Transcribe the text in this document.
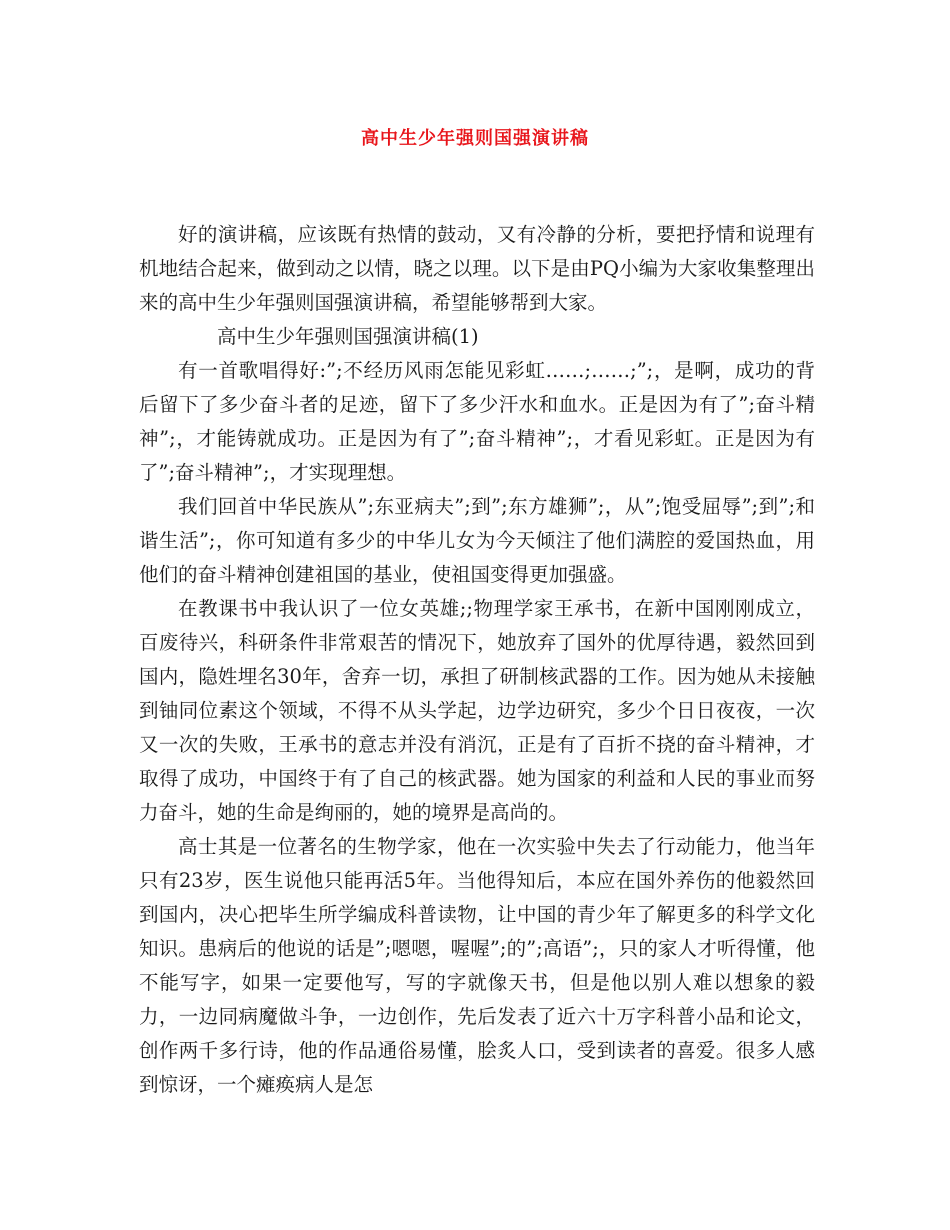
高中生少年强则国强演讲稿

好的演讲稿，应该既有热情的鼓动，又有冷静的分析，要把抒情和说理有机地结合起来，做到动之以情，晓之以理。以下是由PQ小编为大家收集整理出来的高中生少年强则国强演讲稿，希望能够帮到大家。

高中生少年强则国强演讲稿(1)

有一首歌唱得好:”;不经历风雨怎能见彩虹……;……;”;，是啊，成功的背后留下了多少奋斗者的足迹，留下了多少汗水和血水。正是因为有了”;奋斗精神”;，才能铸就成功。正是因为有了”;奋斗精神”;，才看见彩虹。正是因为有了”;奋斗精神”;，才实现理想。

我们回首中华民族从”;东亚病夫”;到”;东方雄狮”;，从”;饱受屈辱”;到”;和谐生活”;，你可知道有多少的中华儿女为今天倾注了他们满腔的爱国热血，用他们的奋斗精神创建祖国的基业，使祖国变得更加强盛。

在教课书中我认识了一位女英雄;;物理学家王承书，在新中国刚刚成立，百废待兴，科研条件非常艰苦的情况下，她放弃了国外的优厚待遇，毅然回到国内，隐姓埋名30年，舍弃一切，承担了研制核武器的工作。因为她从未接触到铀同位素这个领域，不得不从头学起，边学边研究，多少个日日夜夜，一次又一次的失败，王承书的意志并没有消沉，正是有了百折不挠的奋斗精神，才取得了成功，中国终于有了自己的核武器。她为国家的利益和人民的事业而努力奋斗，她的生命是绚丽的，她的境界是高尚的。

高士其是一位著名的生物学家，他在一次实验中失去了行动能力，他当年只有23岁，医生说他只能再活5年。当他得知后，本应在国外养伤的他毅然回到国内，决心把毕生所学编成科普读物，让中国的青少年了解更多的科学文化知识。患病后的他说的话是”;嗯嗯，喔喔”;的”;高语”;，只的家人才听得懂，他不能写字，如果一定要他写，写的字就像天书，但是他以别人难以想象的毅力，一边同病魔做斗争，一边创作，先后发表了近六十万字科普小品和论文，创作两千多行诗，他的作品通俗易懂，脍炙人口，受到读者的喜爱。很多人感到惊讶，一个瘫痪病人是怎
